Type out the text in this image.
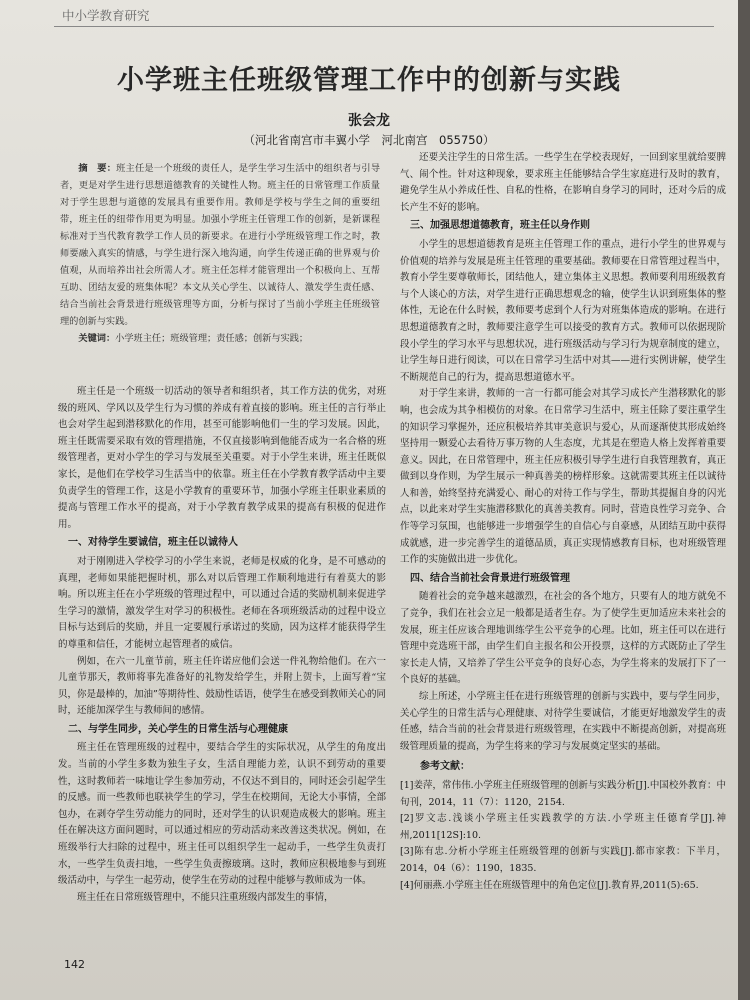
中小学教育研究
小学班主任班级管理工作中的创新与实践
张会龙
（河北省南宫市丰翼小学　河北南宫　055750）

摘　要：班主任是一个班级的责任人，是学生学习生活中的组织者与引导者，更是对学生进行思想道德教育的关键性人物。班主任的日常管理工作质量对于学生思想与道德的发展具有重要作用。教师是学校与学生之间的重要纽带，班主任的纽带作用更为明显。加强小学班主任管理工作的创新，是新课程标准对于当代教育教学工作人员的新要求。在进行小学班级管理工作之时，教师要融入真实的情感，与学生进行深入地沟通，向学生传递正确的世界观与价值观，从而培养出社会所需人才。班主任怎样才能管理出一个积极向上、互帮互助、团结友爱的班集体呢？本文从关心学生、以诚待人、激发学生责任感、结合当前社会背景进行班级管理等方面，分析与探讨了当前小学班主任班级管理的创新与实践。

关键词：小学班主任；班级管理；责任感；创新与实践；

班主任是一个班级一切活动的领导者和组织者，其工作方法的优劣，对班级的班风、学风以及学生行为习惯的养成有着直接的影响。班主任的言行举止也会对学生起到潜移默化的作用，甚至可能影响他们一生的学习发展。因此，班主任既需要采取有效的管理措施，不仅直接影响到他能否成为一名合格的班级管理者，更对小学生的学习与发展至关重要。对于小学生来讲，班主任既似家长，是他们在学校学习生活当中的依靠。班主任在小学教育教学活动中主要负责学生的管理工作，这是小学教育的重要环节，加强小学班主任职业素质的提高与管理工作水平的提高，对于小学教育教学成果的提高有积极的促进作用。

一、对待学生要诚信，班主任以诚待人

对于刚刚进入学校学习的小学生来说，老师是权威的化身，是不可感动的真理，老师如果能把握时机，那么对以后管理工作顺利地进行有着莫大的影响。所以班主任在小学班级的管理过程中，可以通过合适的奖励机制来促进学生学习的激情，激发学生对学习的积极性。老师在各项班级活动的过程中设立目标与达到后的奖励，并且一定要履行承诺过的奖励，因为这样才能获得学生的尊重和信任，才能树立起管理者的威信。

例如，在六一儿童节前，班主任许诺应他们会送一件礼物给他们。在六一儿童节那天，教师将事先准备好的礼物发给学生，并附上贺卡，上面写着“宝贝，你是最棒的，加油”等期待性、鼓励性话语，使学生在感受到教师关心的同时，还能加深学生与教师间的感情。

二、与学生同步，关心学生的日常生活与心理健康

班主任在管理班级的过程中，要结合学生的实际状况，从学生的角度出发。当前的小学生多数为独生子女，生活自理能力差，认识不到劳动的重要性，这时教师若一味地让学生参加劳动，不仅达不到目的，同时还会引起学生的反感。而一些教师也联袂学生的学习，学生在校期间，无论大小事情，全部包办，在剥夺学生劳动能力的同时，还对学生的认识观造成极大的影响。班主任在解决这方面问题时，可以通过相应的劳动活动来改善这类状况。例如，在班级举行大扫除的过程中，班主任可以组织学生一起动手，一些学生负责打水，一些学生负责扫地，一些学生负责擦玻璃。这时，教师应积极地参与到班级活动中，与学生一起劳动，使学生在劳动的过程中能够与教师成为一体。

班主任在日常班级管理中，不能只注重班级内部发生的事情，

还要关注学生的日常生活。一些学生在学校表现好，一回到家里就给要脾气、闹个性。针对这种现象，要求班主任能够结合学生家庭进行及时的教育，避免学生从小养成任性、自私的性格，在影响自身学习的同时，还对今后的成长产生不好的影响。

三、加强思想道德教育，班主任以身作则

小学生的思想道德教育是班主任管理工作的重点，进行小学生的世界观与价值观的培养与发展是班主任管理的重要基础。教师要在日常管理过程当中，教育小学生要尊敬师长，团结他人，建立集体主义思想。教师要利用班级教育与个人谈心的方法，对学生进行正确思想观念的输，使学生认识到班集体的整体性，无论在什么时候，教师要考虑到个人行为对班集体造成的影响。在进行思想道德教育之时，教师要注意学生可以接受的教育方式。教师可以依据现阶段小学生的学习水平与思想状况，进行班级活动与学习行为规章制度的建立，让学生每日进行阅读，可以在日常学习生活中对其——进行实例讲解，使学生不断规范自己的行为，提高思想道德水平。

对于学生来讲，教师的一言一行都可能会对其学习成长产生潜移默化的影响，也会成为其争相模仿的对象。在日常学习生活中，班主任除了要注重学生的知识学习掌握外，还应积极培养其审美意识与爱心，从而逐渐使其形成始终坚持用一颗爱心去看待万事万物的人生态度，尤其是在塑造人格上发挥着重要意义。因此，在日常管理中，班主任应积极引导学生进行自我管理教育，真正做到以身作则，为学生展示一种真善美的榜样形象。这就需要其班主任以诚待人和善，始终坚持充满爱心、耐心的对待工作与学生，帮助其提掘自身的闪光点，以此来对学生实施潜移默化的真善美教育。同时，营造良性学习竞争、合作等学习氛围，也能够进一步增强学生的自信心与自豪感，从团结互助中获得成就感，进一步完善学生的道德品质，真正实现情感教育目标，也对班级管理工作的实施做出进一步优化。

四、结合当前社会背景进行班级管理

随着社会的竞争越来越激烈，在社会的各个地方，只要有人的地方就免不了竞争，我们在社会立足一般都是适者生存。为了使学生更加适应未来社会的发展，班主任应该合理地训练学生公平竞争的心理。比如，班主任可以在进行管理中竞选班干部，由学生们自主报名和公开投票，这样的方式既防止了学生家长走人情，又培养了学生公平竞争的良好心态，为学生将来的发展打下了一个良好的基础。

综上所述，小学班主任在进行班级管理的创新与实践中，要与学生同步，关心学生的日常生活与心理健康、对待学生要诚信，才能更好地激发学生的责任感，结合当前的社会背景进行班级管理，在实践中不断提高创新，对提高班级管理质量的提高，为学生将来的学习与发展奠定坚实的基础。

参考文献：

[1]姜萍，常伟伟.小学班主任班级管理的创新与实践分析[J].中国校外教育：中旬刊，2014，11（7）：1120，2154.

[2]罗文志.浅谈小学班主任实践教学的方法.小学班主任德育学[J].神州,2011[12S]:10.

[3]陈有忠.分析小学班主任班级管理的创新与实践[J].都市家教：下半月，2014，04（6）：1190，1835.

[4]何丽燕.小学班主任在班级管理中的角色定位[J].教育界,2011(5):65.

142
